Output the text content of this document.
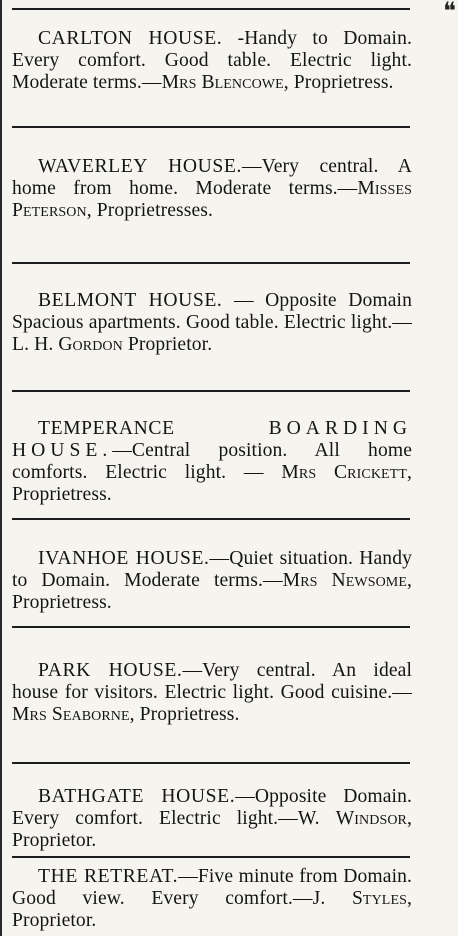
❝

CARLTON HOUSE. -Handy to Domain. Every comfort. Good table. Electric light. Moderate terms.—Mrs Blencowe, Proprietress.

WAVERLEY HOUSE.—Very central. A home from home. Moderate terms.—Misses Peterson, Proprietresses.

BELMONT HOUSE. — Opposite Domain Spacious apartments. Good table. Electric light.—L. H. Gordon Proprietor.

TEMPERANCE BOARDING HOUSE.—Central position. All home comforts. Electric light. — Mrs Crickett, Proprietress.

IVANHOE HOUSE.—Quiet situation. Handy to Domain. Moderate terms.—Mrs Newsome, Proprietress.

PARK HOUSE.—Very central. An ideal house for visitors. Electric light. Good cuisine.—Mrs Seaborne, Proprietress.

BATHGATE HOUSE.—Opposite Domain. Every comfort. Electric light.—W. Windsor, Proprietor.

THE RETREAT.—Five minute from Domain. Good view. Every comfort.—J. Styles, Proprietor.
